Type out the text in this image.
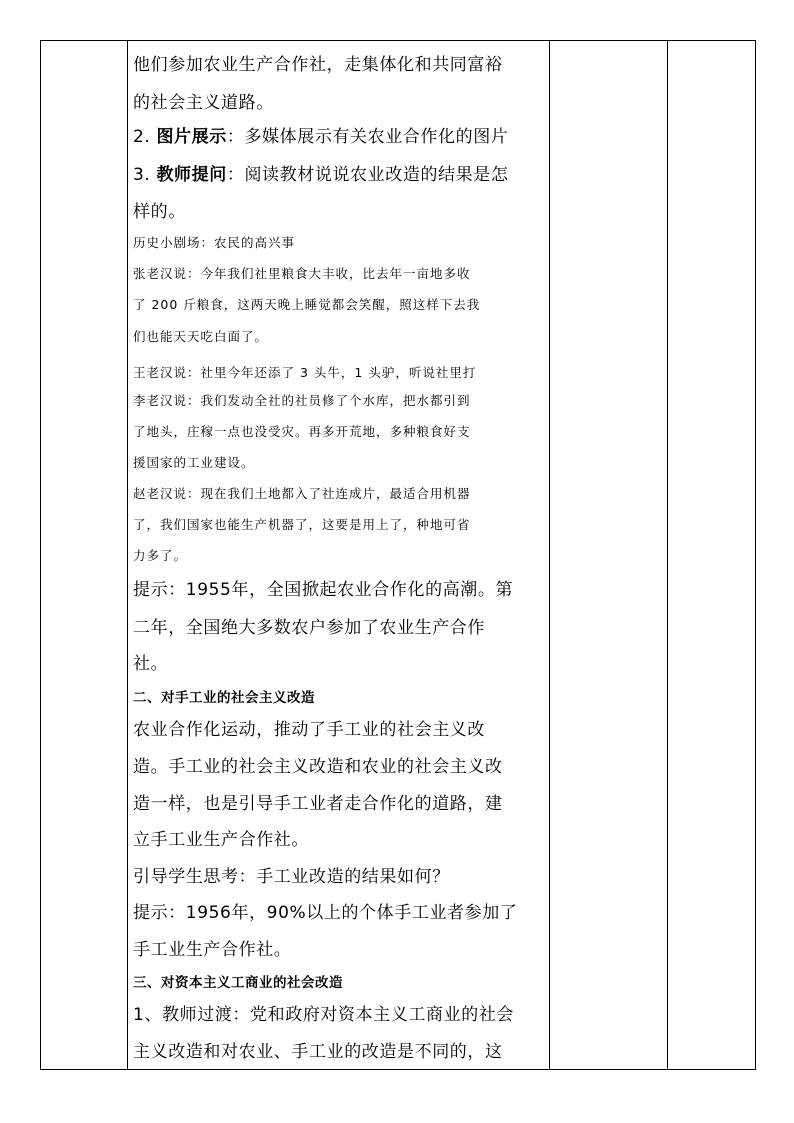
他们参加农业生产合作社，走集体化和共同富裕
的社会主义道路。
2. 图片展示：多媒体展示有关农业合作化的图片
3. 教师提问：阅读教材说说农业改造的结果是怎
样的。
历史小剧场：农民的高兴事
张老汉说：今年我们社里粮食大丰收，比去年一亩地多收
了 200 斤粮食，这两天晚上睡觉都会笑醒，照这样下去我
们也能天天吃白面了。
王老汉说：社里今年还添了 3 头牛，1 头驴，听说社里打
李老汉说：我们发动全社的社员修了个水库，把水都引到
了地头，庄稼一点也没受灾。再多开荒地，多种粮食好支
援国家的工业建设。
赵老汉说：现在我们土地都入了社连成片，最适合用机器
了，我们国家也能生产机器了，这要是用上了，种地可省
力多了。
提示：1955年，全国掀起农业合作化的高潮。第
二年，全国绝大多数农户参加了农业生产合作
社。
二、对手工业的社会主义改造
农业合作化运动，推动了手工业的社会主义改
造。手工业的社会主义改造和农业的社会主义改
造一样，也是引导手工业者走合作化的道路，建
立手工业生产合作社。
引导学生思考：手工业改造的结果如何？
提示：1956年，90%以上的个体手工业者参加了
手工业生产合作社。
三、对资本主义工商业的社会改造
1、教师过渡：党和政府对资本主义工商业的社会
主义改造和对农业、手工业的改造是不同的，这
